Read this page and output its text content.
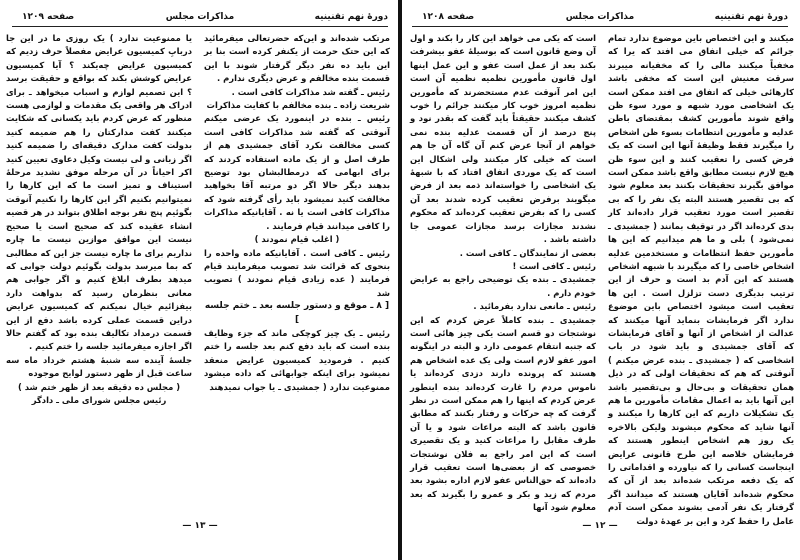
دورهٔ نهم تقنینیه
مذاکرات مجلس
صفحه ۱۲۰۹

مرتکب شده‌اند و این‌که حضرتعالی میفرمائید که این حتک حرمت از یکنفر کرده است بنا بر این باید ده نفر دیگر گرفتار شوند با این قسمت بنده مخالفم و عرض دیگری ندارم .

رئیس ـ گفته شد مذاکرات کافی است .

شریعت زاده ـ بنده مخالفم با کفایت مذاکرات

رئیس ـ بنده در اینمورد یک عرضی میکنم آنوقتی که گفته شد مذاکرات کافی است کسی مخالفت نکرد آقای جمشیدی هم از طرف اصل و از یک ماده استفاده کردند که برای ابهامی که درمطالبشان بود توضیح بدهند دیگر حالا اگر دو مرتبه آقا بخواهید مخالفت کنید نمیشود باید رأی گرفته شود که مذاکرات کافی است یا نه . آقایانیکه مذاکرات را کافی میدانند قیام فرمایند .

( اغلب قیام نمودند )

رئیس ـ کافی است . آقایانیکه ماده واحده را بنحوی که قرائت شد تصویب میفرمایند قیام فرمایند ( عده زیادی قیام نمودند ) تصویب شد

[ ۸ ـ موقع و دستور جلسه بعد ـ ختم جلسه ]

رئیس ـ یک چیز کوچکی ماند که جزء وظایف بنده است که باید دفع کنم بعد جلسه را ختم کنیم . فرمودید کمیسیون عرایض منعقد نمیشود برای اینکه جوابهائی که داده میشود ممنوعیت ندارد ( جمشیدی ـ یا جواب نمیدهند

یا ممنوعیت ندارد ) یک روزی ما در این جا دربابِ کمیسیون عرایض مفصلاً حرف زدیم که کمیسیون عرایض چه‌یکند ؟ آیا کمیسیون عرایض کوشش بکند که بواقع و حقیقت برسد ؟ این تصمیم لوازم و اسباب میخواهد ـ برای ادراک هر واقعی یک مقدمات و لوازمی هست منظور که عرض کردم باید یکسانی که شکایت میکنند کفت مدارکتان را هم ضمیمه کنید بدولت کفت مدارک دقیقه‌ای را ضمیمه کنید اگر زبانی و لی نیست وکیل دعاوی تعیین کنید اکر احیاناً در آن مرحله موفق نشدید مرحلهٔ استیناف و تمیز است ما که این کارها را نمیتوانیم بکنیم اگر این کارها را نکنیم آنوقت بگوئیم پنج نفر بوجه اطلاق بتواند در هر قضیه انشاء عقیده کند که صحیح است یا صحیح نیست این موافق موازین نیست ما چاره نداریم برای ما چاره نیست جز این که مطالبی که بما میرسد بدولت بگوئیم دولت جوابی که میدهد بطرف ابلاغ کنیم و اگر جوابی هم معانی بنظرمان رسید که بدواهت دارد بیفزائیم خیال نمیکنم که کمیسیون عرایض دراین قسمت عملی کرده باشد دفع از این قسمت درمداد تکالیف بنده بود که گفتم حالا اگر اجازه میفرمائید جلسه را ختم کنیم .

جلسهٔ آینده سه شنبهٔ هشتم خرداد ماه سه ساعت قبل از ظهر دستور لوایح موجوده

( مجلس ده دقیقه بعد از ظهر ختم شد )

رئیس مجلس شورای ملی ـ دادگر

— ۱۳ —
دورهٔ نهم تقنینیه
مذاکرات مجلس
صفحه ۱۲۰۸

میکنند و این اختصاص باین موضوع ندارد تمام جرائم که خیلی اتفاق می افتد که یرا که مخفیاً میکنند مالی را که مخفیانه میبرند سرقت معنیش این است که مخفی باشد کارهائی خیلی که اتفاق می افتد ممکن است یک اشخاصی مورد شبهه و مورد سوء ظن واقع شوند مأمورین کشف بمقتضای باطن عدلیه و مأمورین انتظامات بسوء ظن اشخاص را میگیرند فقط وظیفهٔ آنها این است که یک فرض کسی را تعقیب کنند و این سوء ظن هیچ لازم نیست مطابق واقع باشد ممکن است موافق بگیرند تحقیقات بکنند بعد معلوم شود که بی تقصیر هستند البته یک نفر را که بی تقصیر است مورد تعقیب قرار داده‌اند کار بدی کرده‌اند اگر در توقیف بمانند ( جمشیدی ـ نمی‌شود ) بلی و ما هم میدانیم که این ها مأمورین حفظ انتظامات و مستخدمین عدلیه اشخاص خاصی را که میگیرند با شبهه اشخاص هستند که این آدم بد است و حرف از این ترتیب بدیگری دست تزلزل است . این ها تعقیب است میشود اختصاص باین موضوع ندارد اگر فرمایشات بنماید آنها میکنند که عدالت از اشخاص از آنها و آقای فرمایشات که آقای جمشیدی و باید شود در باب اشخاصی که ( جمشیدی ـ بنده عرض میکنم ) آنوقتی که هم که تحقیقات اولی که در ذیل همان تحقیقات و بی‌حال و بی‌تقصیر باشد این آنها باید به اعمال مقامات مأمورین ما هم یک تشکیلات داریم که این کارها را میکنند و آنها شاید که محکوم میشوند ولیکن بالاخره یک روز هم اشخاص اینطور هستند که فرمایشان خلاصه این طرح قانونی عرایض اینجاست کسانی را که نیاورده و اقداماتی را که یک دفعه مرتکب شده‌اند بعد از آن که محکوم شده‌اند آقایان هستند که میدانند اگر گرفتار یک نفر آدمی بشوند ممکن است آدم عامل را حفظ کرد و این بر عهدهٔ دولت

است که یکی می خواهد این کار را بکند و اول آن وضع قانون است که بوسیلهٔ عفو بیشرفت بکند بعد از عمل است عفو و این عمل اینها اول قانون مأمورین نظمیه نظمیه آن است این امر آنوقت عدم مستحضرند که مأمورین نظمیه امروز خوب کار میکنند جرائم را خوب کشف میکنند حقیقتاً باید گفت که بقدر نود و پنج درصد از آن قسمت عدلیه بنده نمی خواهم از آنجا عرض کنم آن گاه آن جا هم است که خیلی کار میکنند ولی اشکال این است که یک موردی اتفاق افتاد که با شبههٔ یک اشخاصی را خواسته‌اند ذمه بعد از فرض میگویند برفرض تعقیب کرده شدند بعد آن کسی را که بفرض تعقیب کرده‌اند که محکوم نشدند مجازات برسد مجازات عمومی جا داشته باشد .

بعضی از نمایندگان ـ کافی است .

رئیس ـ کافی است !

جمشیدی ـ بنده یک توضیحی راجع به عرایض خودم دارم .

رئیس ـ مانعی ندارد بفرمائید .

جمشیدی ـ بنده کاملاً عرض کردم که این نوشتجات دو قسم است یکی چیز هائی است که جنبه انتقام عمومی دارد و البته در اینگونه امور عفو لازم است ولی یک عده اشخاص هم هستند که پرونده دارند دزدی کرده‌اند یا ناموس مردم را غارت کرده‌اند بنده اینطور عرض کردم که اینها را هم ممکن است در نظر گرفت که چه حرکات و رفتار بکنند که مطابق قانون باشد که البته مراعات شود و یا آن طرف مقابل را مراعات کنید و یک تقصیری است که این امر راجع به فلان نوشتجات خصوصی که از بعضی‌ها است تعقیب قرار داده‌اند که حق‌الناس عفو لازم اداره بشود بعد مردم که زید و بکر و عمرو را بگیرند که بعد معلوم شود آنها

— ۱۲ —
